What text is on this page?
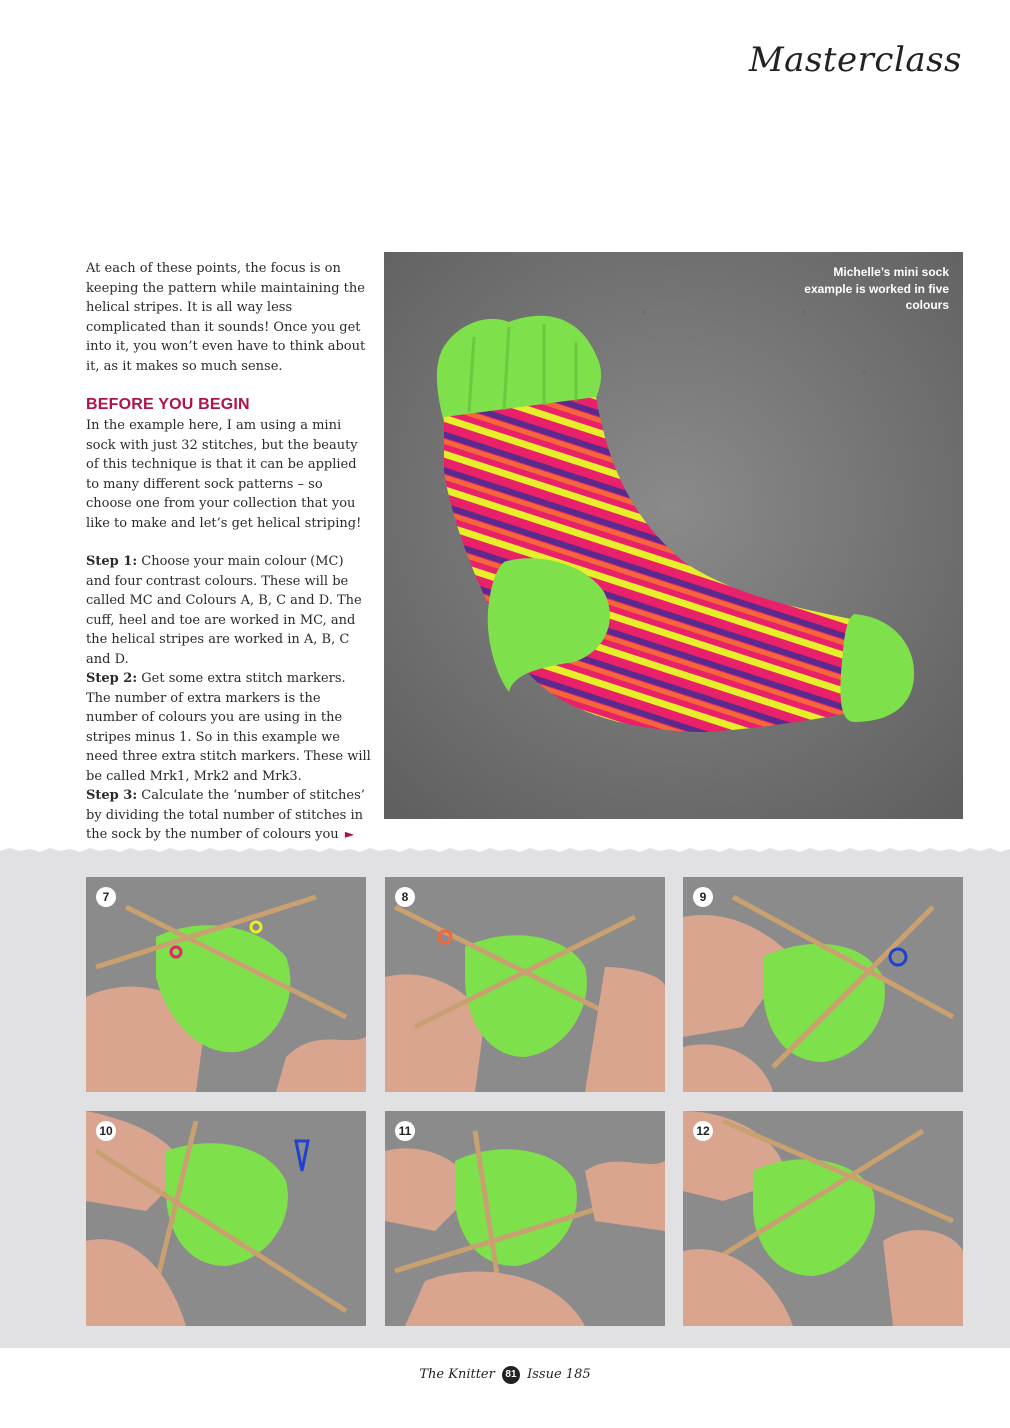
Masterclass

At each of these points, the focus is on keeping the pattern while maintaining the helical stripes. It is all way less complicated than it sounds! Once you get into it, you won’t even have to think about it, as it makes so much sense.

BEFORE YOU BEGIN

In the example here, I am using a mini sock with just 32 stitches, but the beauty of this technique is that it can be applied to many different sock patterns – so choose one from your collection that you like to make and let’s get helical striping!

Step 1: Choose your main colour (MC) and four contrast colours. These will be called MC and Colours A, B, C and D. The cuff, heel and toe are worked in MC, and the helical stripes are worked in A, B, C and D.

Step 2: Get some extra stitch markers. The number of extra markers is the number of colours you are using in the stripes minus 1. So in this example we need three extra stitch markers. These will be called Mrk1, Mrk2 and Mrk3.

Step 3: Calculate the ‘number of stitches’ by dividing the total number of stitches in the sock by the number of colours you ►

Michelle’s mini sock example is worked in five colours
7	8	9
10	11	12
The Knitter 81 Issue 185
